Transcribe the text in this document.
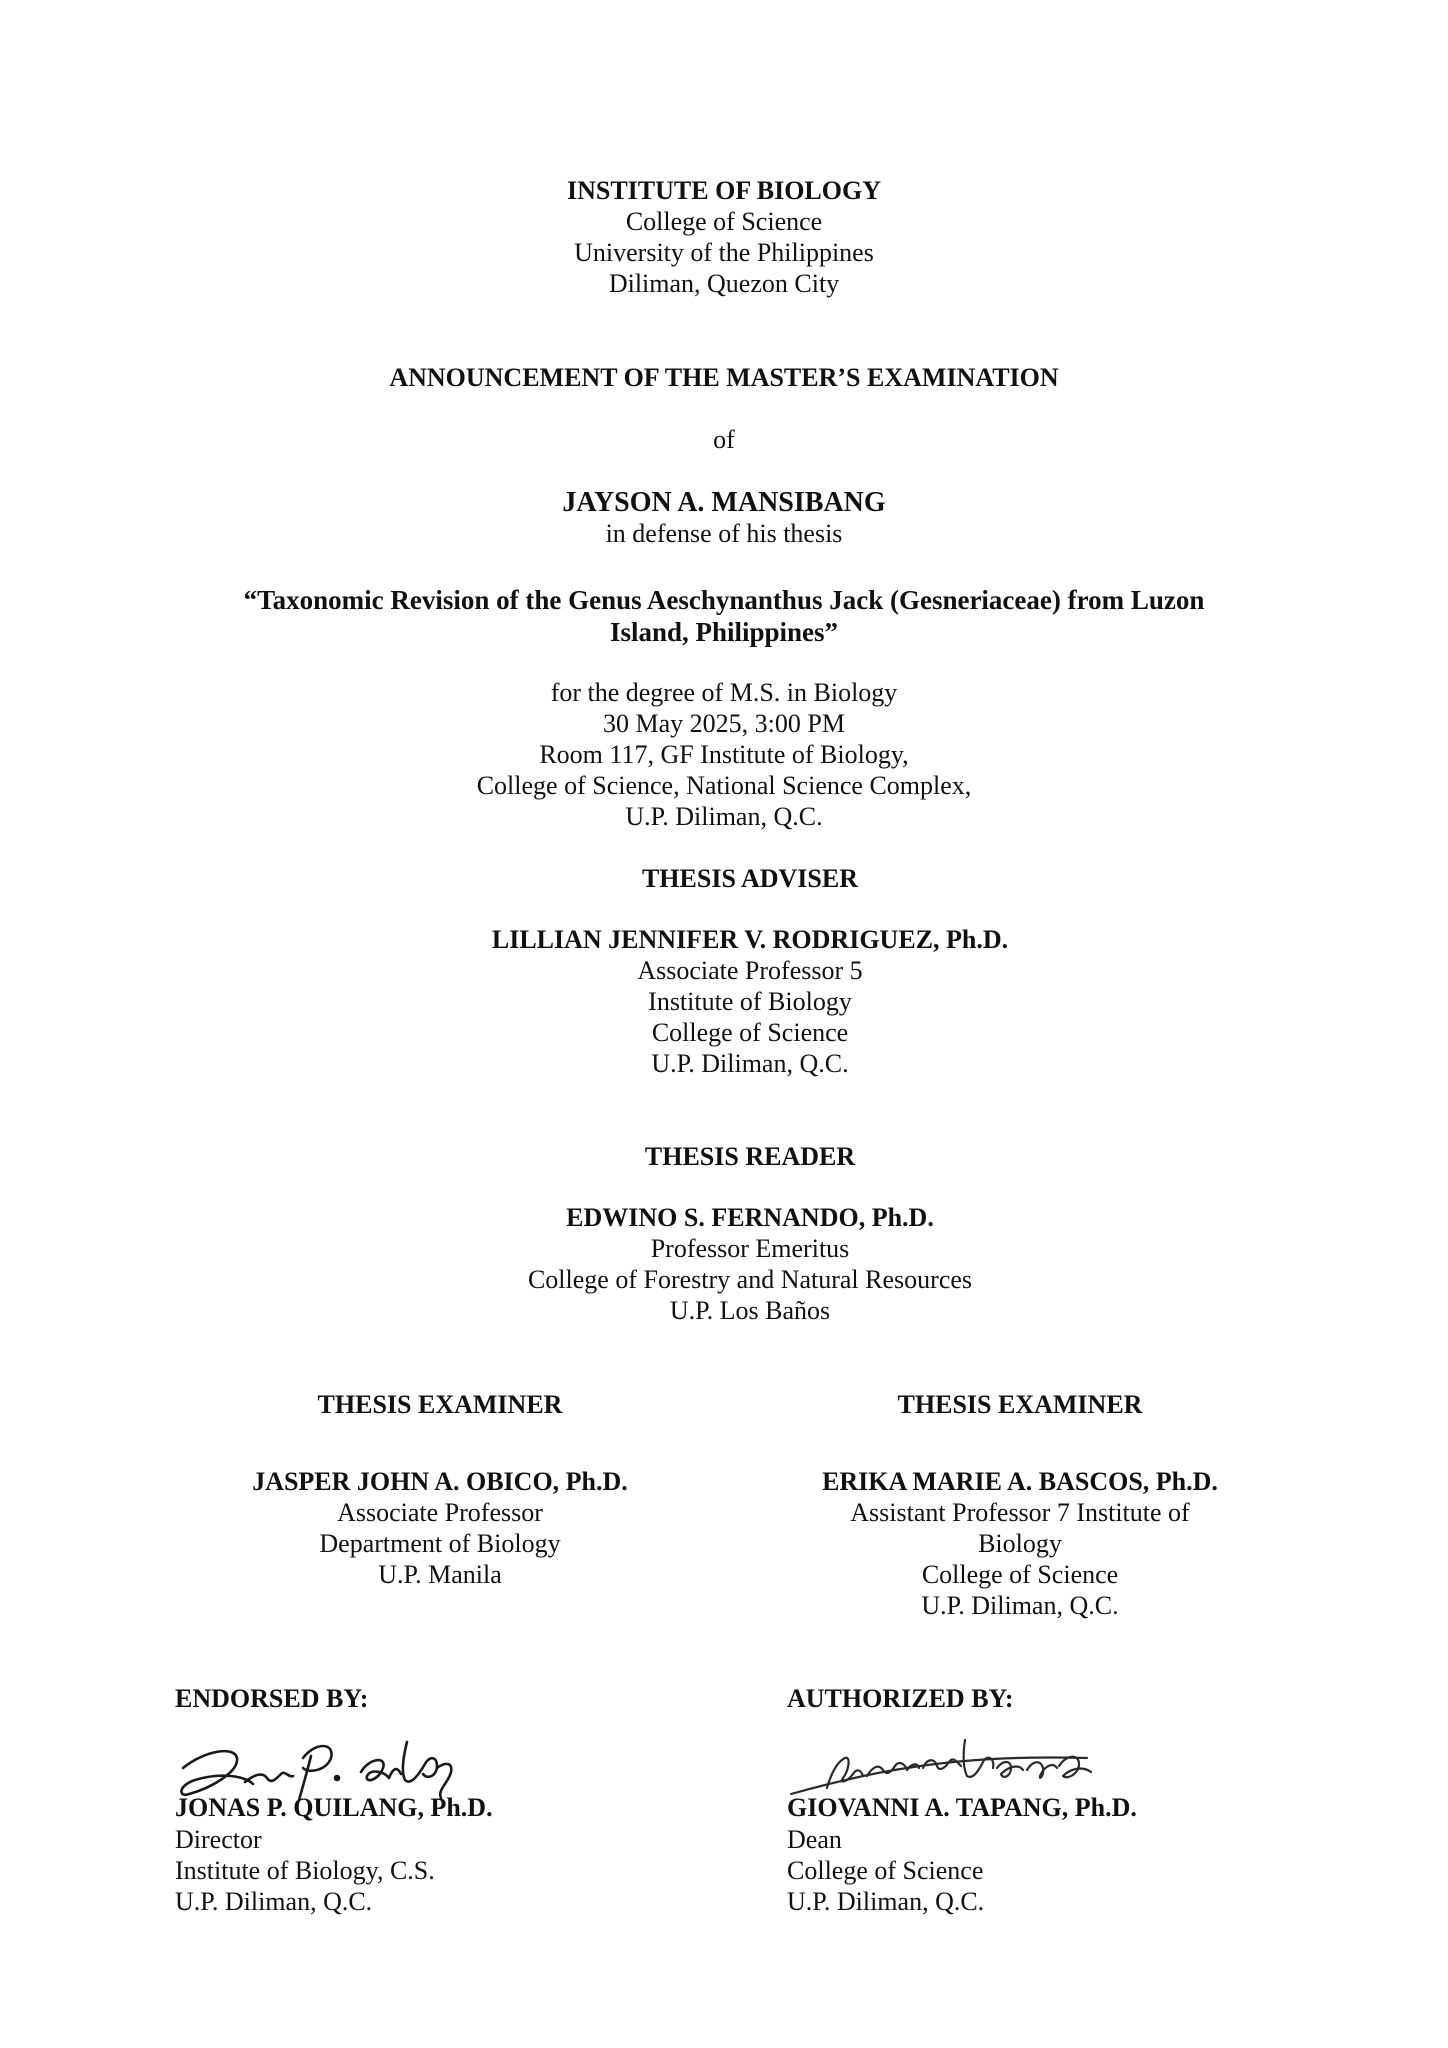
INSTITUTE OF BIOLOGY
College of Science
University of the Philippines
Diliman, Quezon City
ANNOUNCEMENT OF THE MASTER’S EXAMINATION
of
JAYSON A. MANSIBANG
in defense of his thesis
“Taxonomic Revision of the Genus Aeschynanthus Jack (Gesneriaceae) from Luzon
Island, Philippines”
for the degree of M.S. in Biology
30 May 2025, 3:00 PM
Room 117, GF Institute of Biology,
College of Science, National Science Complex,
U.P. Diliman, Q.C.
THESIS ADVISER
LILLIAN JENNIFER V. RODRIGUEZ, Ph.D.
Associate Professor 5
Institute of Biology
College of Science
U.P. Diliman, Q.C.
THESIS READER
EDWINO S. FERNANDO, Ph.D.
Professor Emeritus
College of Forestry and Natural Resources
U.P. Los Baños
THESIS EXAMINER
JASPER JOHN A. OBICO, Ph.D.
Associate Professor
Department of Biology
U.P. Manila
THESIS EXAMINER
ERIKA MARIE A. BASCOS, Ph.D.
Assistant Professor 7 Institute of Biology
College of Science
U.P. Diliman, Q.C.
ENDORSED BY:
JONAS P. QUILANG, Ph.D.
Director
Institute of Biology, C.S.
U.P. Diliman, Q.C.
AUTHORIZED BY:
GIOVANNI A. TAPANG, Ph.D.
Dean
College of Science
U.P. Diliman, Q.C.
